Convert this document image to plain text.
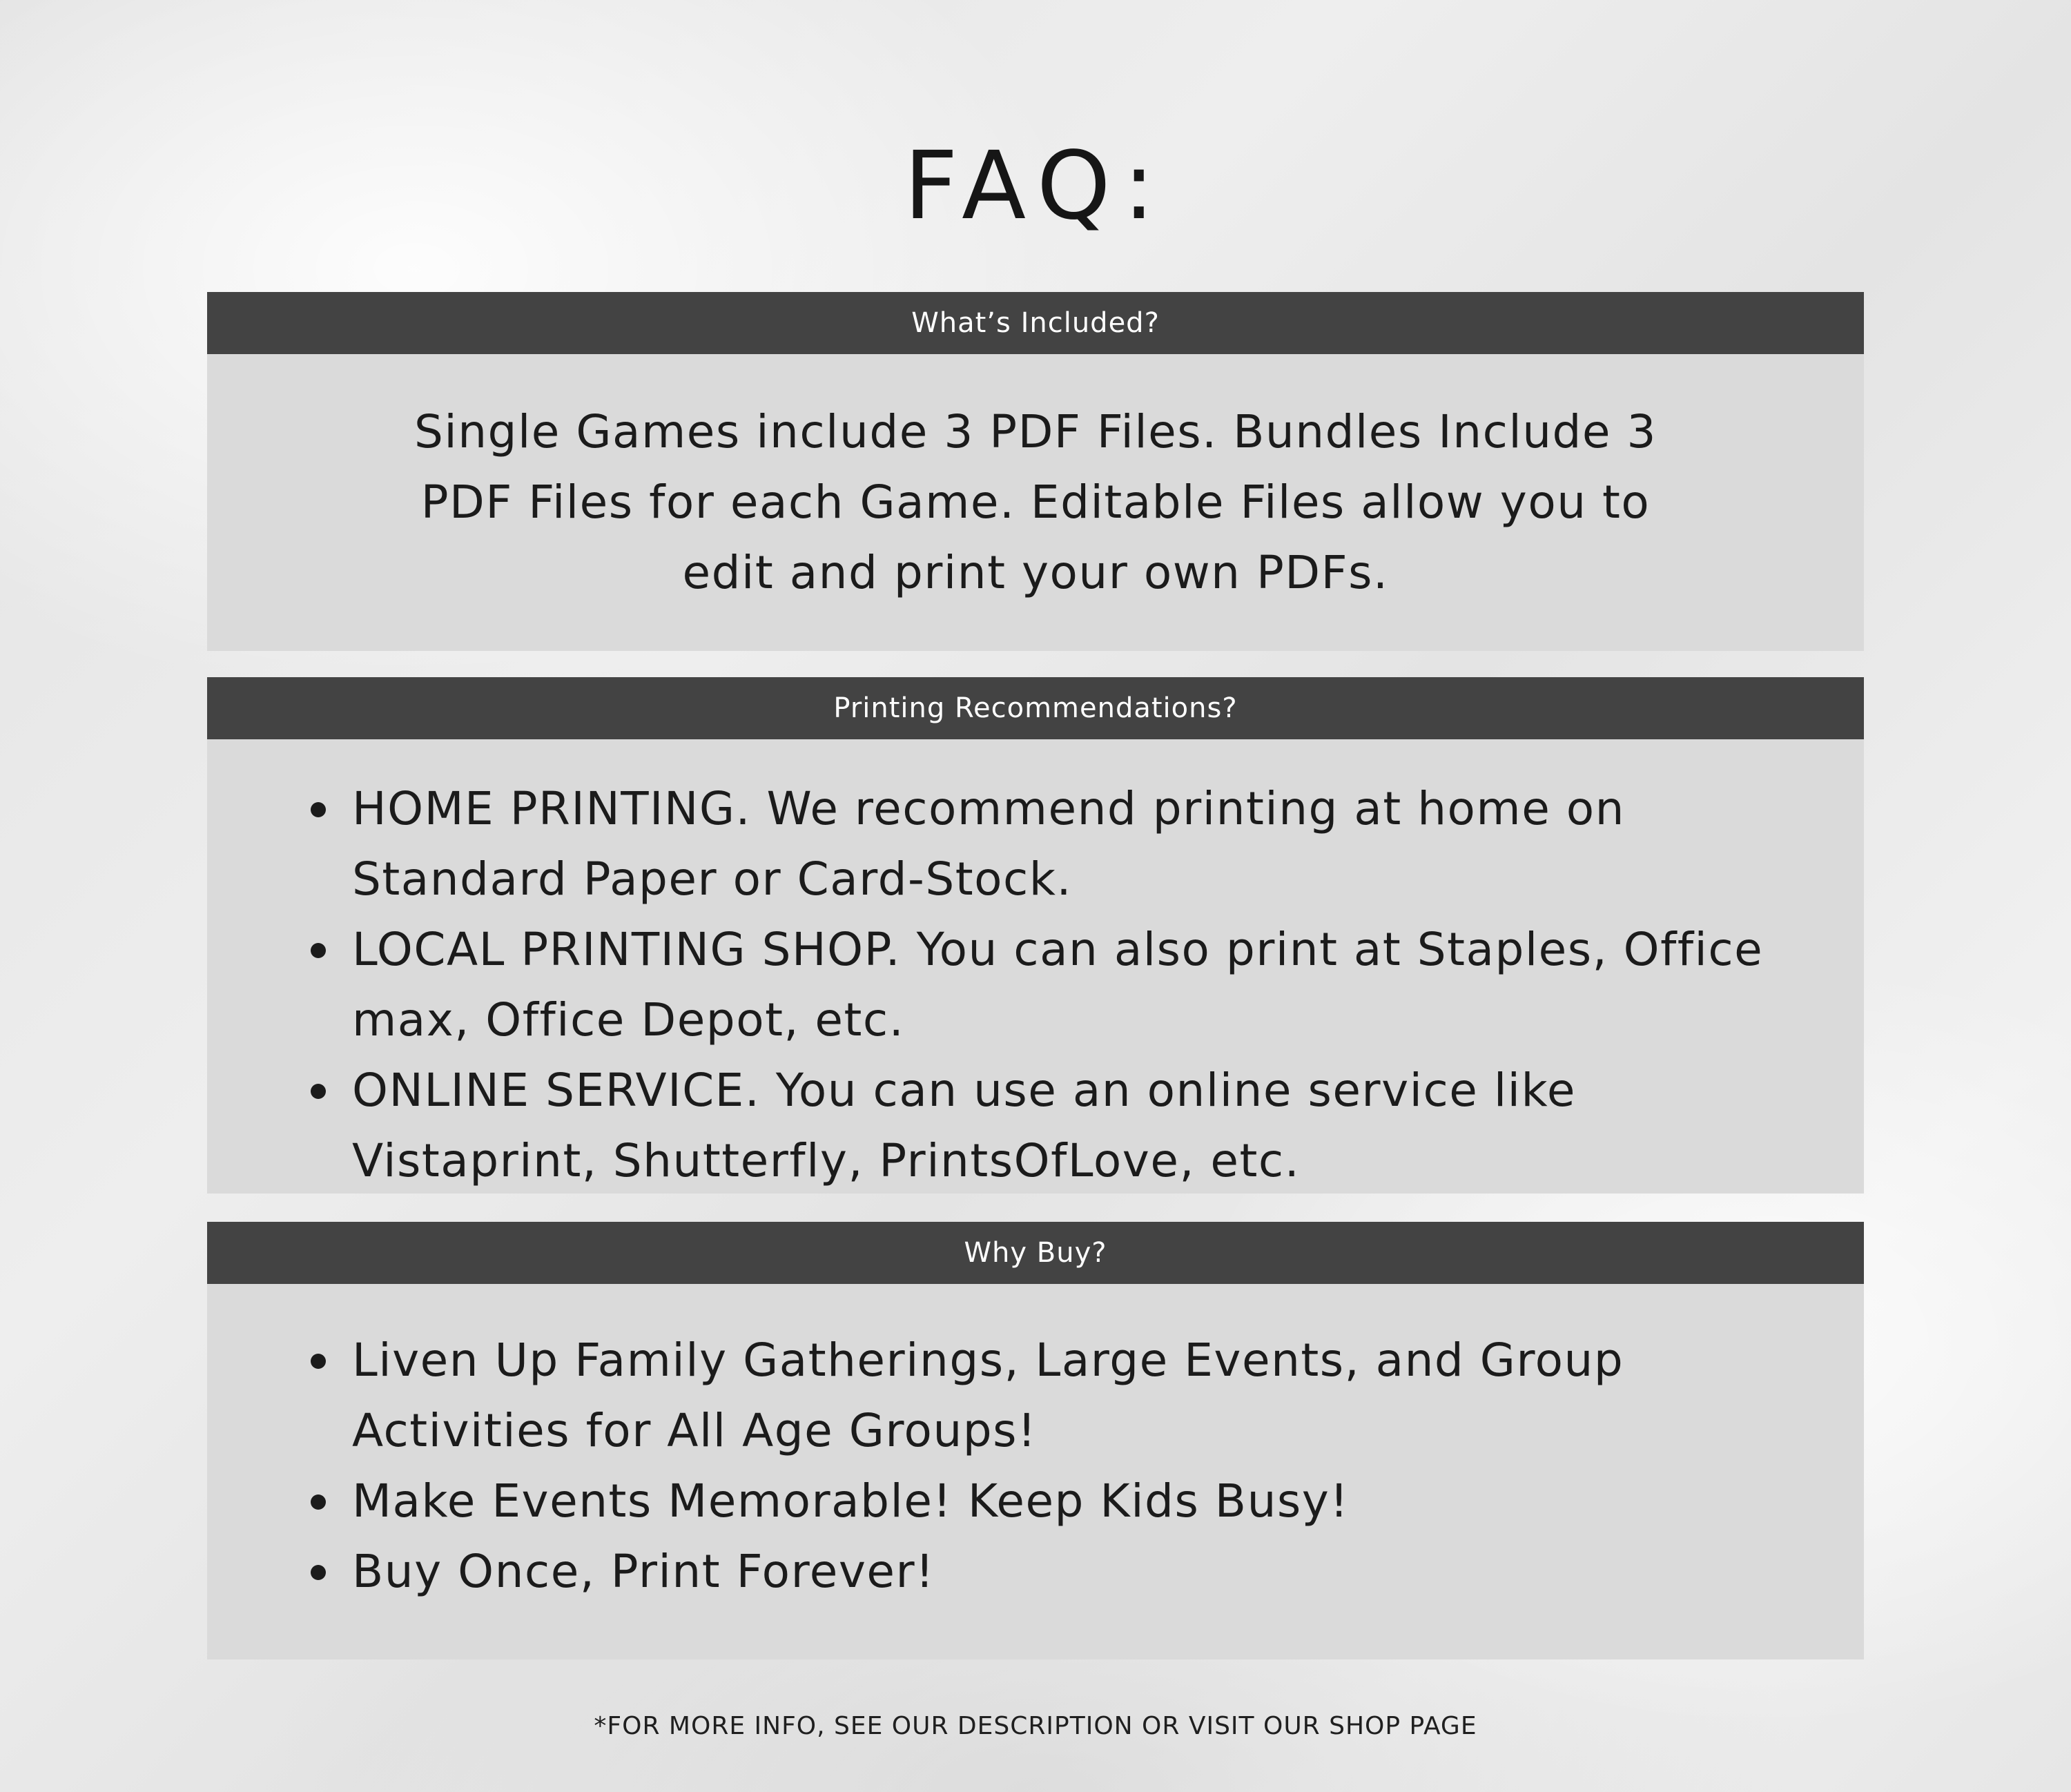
FAQ:
What’s Included?

Single Games include 3 PDF Files. Bundles Include 3 PDF Files for each Game. Editable Files allow you to edit and print your own PDFs.

Printing Recommendations?
HOME PRINTING. We recommend printing at home on Standard Paper or Card-Stock.
LOCAL PRINTING SHOP. You can also print at Staples, Office max, Office Depot, etc.
ONLINE SERVICE. You can use an online service like Vistaprint, Shutterfly, PrintsOfLove, etc.
Why Buy?
Liven Up Family Gatherings, Large Events, and Group Activities for All Age Groups!
Make Events Memorable! Keep Kids Busy!
Buy Once, Print Forever!
*FOR MORE INFO, SEE OUR DESCRIPTION OR VISIT OUR SHOP PAGE
